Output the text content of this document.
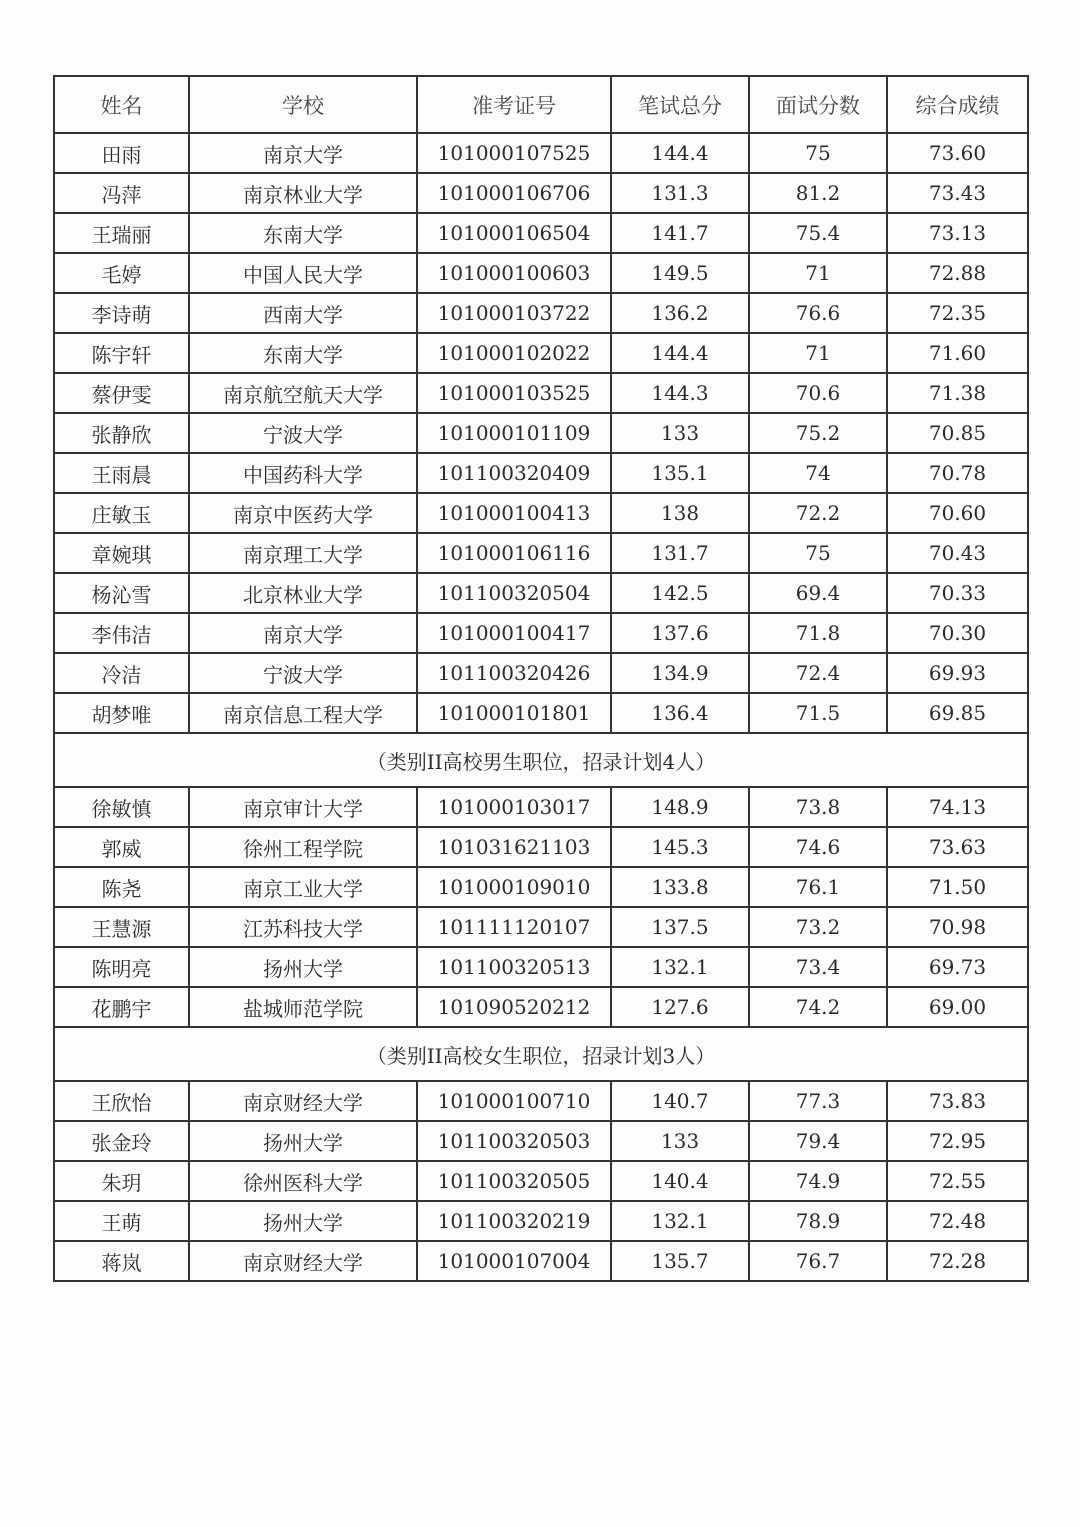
姓名	学校	准考证号	笔试总分	面试分数	综合成绩
田雨	南京大学	101000107525	144.4	75	73.60
冯萍	南京林业大学	101000106706	131.3	81.2	73.43
王瑞丽	东南大学	101000106504	141.7	75.4	73.13
毛婷	中国人民大学	101000100603	149.5	71	72.88
李诗萌	西南大学	101000103722	136.2	76.6	72.35
陈宇轩	东南大学	101000102022	144.4	71	71.60
蔡伊雯	南京航空航天大学	101000103525	144.3	70.6	71.38
张静欣	宁波大学	101000101109	133	75.2	70.85
王雨晨	中国药科大学	101100320409	135.1	74	70.78
庄敏玉	南京中医药大学	101000100413	138	72.2	70.60
章婉琪	南京理工大学	101000106116	131.7	75	70.43
杨沁雪	北京林业大学	101100320504	142.5	69.4	70.33
李伟洁	南京大学	101000100417	137.6	71.8	70.30
冷洁	宁波大学	101100320426	134.9	72.4	69.93
胡梦唯	南京信息工程大学	101000101801	136.4	71.5	69.85
（类别II高校男生职位，招录计划4人）					
徐敏慎	南京审计大学	101000103017	148.9	73.8	74.13
郭威	徐州工程学院	101031621103	145.3	74.6	73.63
陈尧	南京工业大学	101000109010	133.8	76.1	71.50
王慧源	江苏科技大学	101111120107	137.5	73.2	70.98
陈明亮	扬州大学	101100320513	132.1	73.4	69.73
花鹏宇	盐城师范学院	101090520212	127.6	74.2	69.00
（类别II高校女生职位，招录计划3人）					
王欣怡	南京财经大学	101000100710	140.7	77.3	73.83
张金玲	扬州大学	101100320503	133	79.4	72.95
朱玥	徐州医科大学	101100320505	140.4	74.9	72.55
王萌	扬州大学	101100320219	132.1	78.9	72.48
蒋岚	南京财经大学	101000107004	135.7	76.7	72.28
